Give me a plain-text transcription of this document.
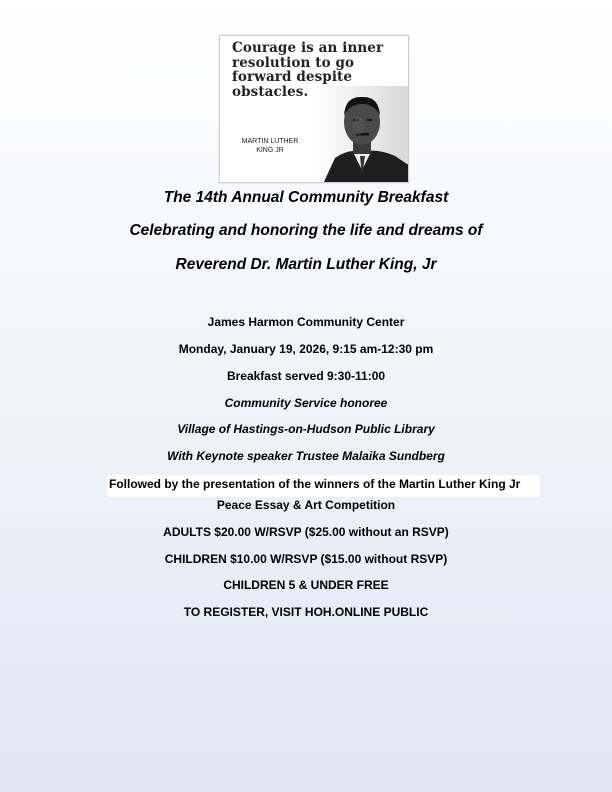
Courage is an inner resolution to go forward despite obstacles.
MARTIN LUTHER
KING JR

The 14th Annual Community Breakfast

Celebrating and honoring the life and dreams of

Reverend Dr. Martin Luther King, Jr

James Harmon Community Center

Monday, January 19, 2026, 9:15 am-12:30 pm

Breakfast served 9:30-11:00

Community Service honoree

Village of Hastings-on-Hudson Public Library

With Keynote speaker Trustee Malaika Sundberg

Followed by the presentation of the winners of the Martin Luther King Jr

Peace Essay & Art Competition

ADULTS $20.00 W/RSVP ($25.00 without an RSVP)

CHILDREN $10.00 W/RSVP ($15.00 without RSVP)

CHILDREN 5 & UNDER FREE

TO REGISTER, VISIT HOH.ONLINE PUBLIC
